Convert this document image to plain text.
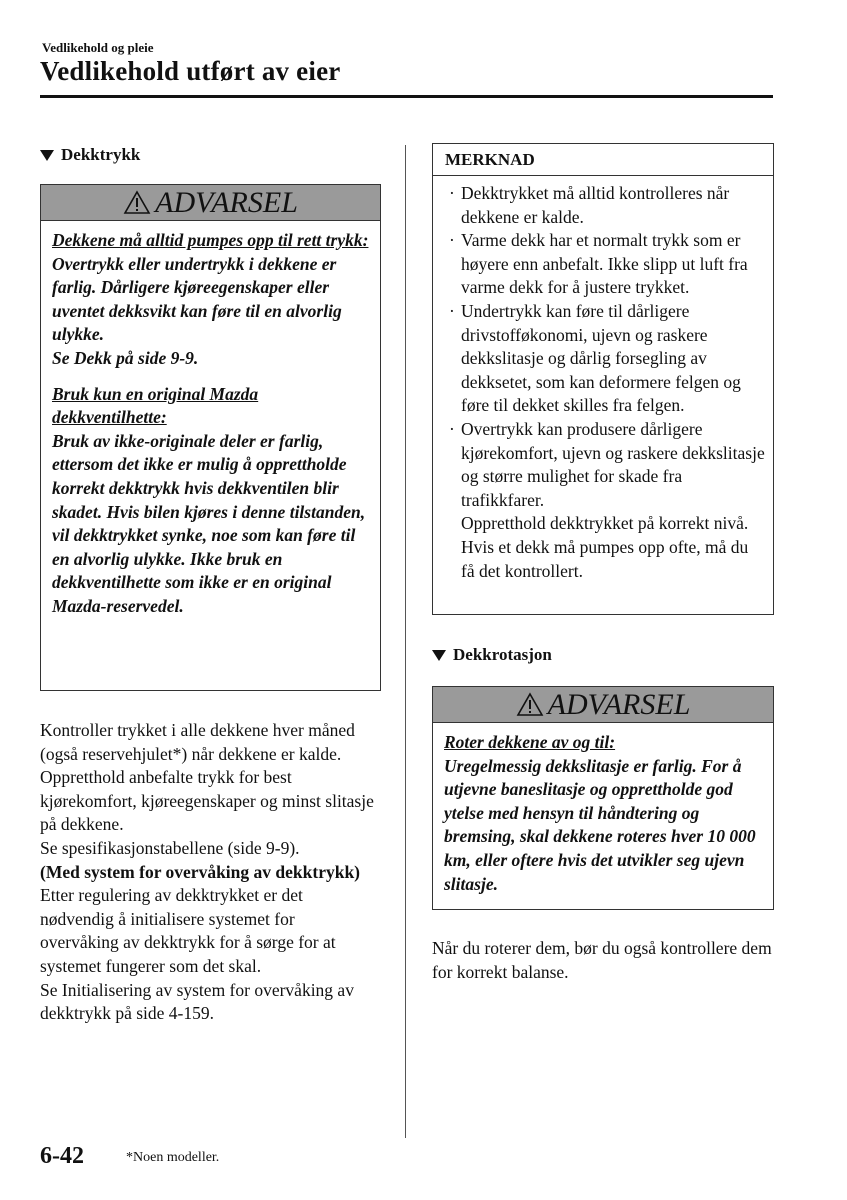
Vedlikehold og pleie
Vedlikehold utført av eier
Dekktrykk
ADVARSEL
Dekkene må alltid pumpes opp til rett trykk:
Overtrykk eller undertrykk i dekkene er farlig. Dårligere kjøreegenskaper eller uventet dekksvikt kan føre til en alvorlig ulykke.
Se Dekk på side 9-9.
Bruk kun en original Mazda dekkventilhette:
Bruk av ikke-originale deler er farlig, ettersom det ikke er mulig å opprettholde korrekt dekktrykk hvis dekkventilen blir skadet. Hvis bilen kjøres i denne tilstanden, vil dekktrykket synke, noe som kan føre til en alvorlig ulykke. Ikke bruk en dekkventilhette som ikke er en original Mazda-reservedel.
Kontroller trykket i alle dekkene hver måned (også reservehjulet*) når dekkene er kalde. Oppretthold anbefalte trykk for best kjørekomfort, kjøreegenskaper og minst slitasje på dekkene.
Se spesifikasjonstabellene (side 9-9).
(Med system for overvåking av dekktrykk)
Etter regulering av dekktrykket er det nødvendig å initialisere systemet for overvåking av dekktrykk for å sørge for at systemet fungerer som det skal.
Se Initialisering av system for overvåking av dekktrykk på side 4-159.
MERKNAD
· Dekktrykket må alltid kontrolleres når dekkene er kalde.
· Varme dekk har et normalt trykk som er høyere enn anbefalt. Ikke slipp ut luft fra varme dekk for å justere trykket.
· Undertrykk kan føre til dårligere drivstofføkonomi, ujevn og raskere dekkslitasje og dårlig forsegling av dekksetet, som kan deformere felgen og føre til dekket skilles fra felgen.
· Overtrykk kan produsere dårligere kjørekomfort, ujevn og raskere dekkslitasje og større mulighet for skade fra trafikkfarer.
Oppretthold dekktrykket på korrekt nivå. Hvis et dekk må pumpes opp ofte, må du få det kontrollert.
Dekkrotasjon
ADVARSEL
Roter dekkene av og til:
Uregelmessig dekkslitasje er farlig. For å utjevne baneslitasje og opprettholde god ytelse med hensyn til håndtering og bremsing, skal dekkene roteres hver 10 000 km, eller oftere hvis det utvikler seg ujevn slitasje.
Når du roterer dem, bør du også kontrollere dem for korrekt balanse.
6-42	*Noen modeller.
